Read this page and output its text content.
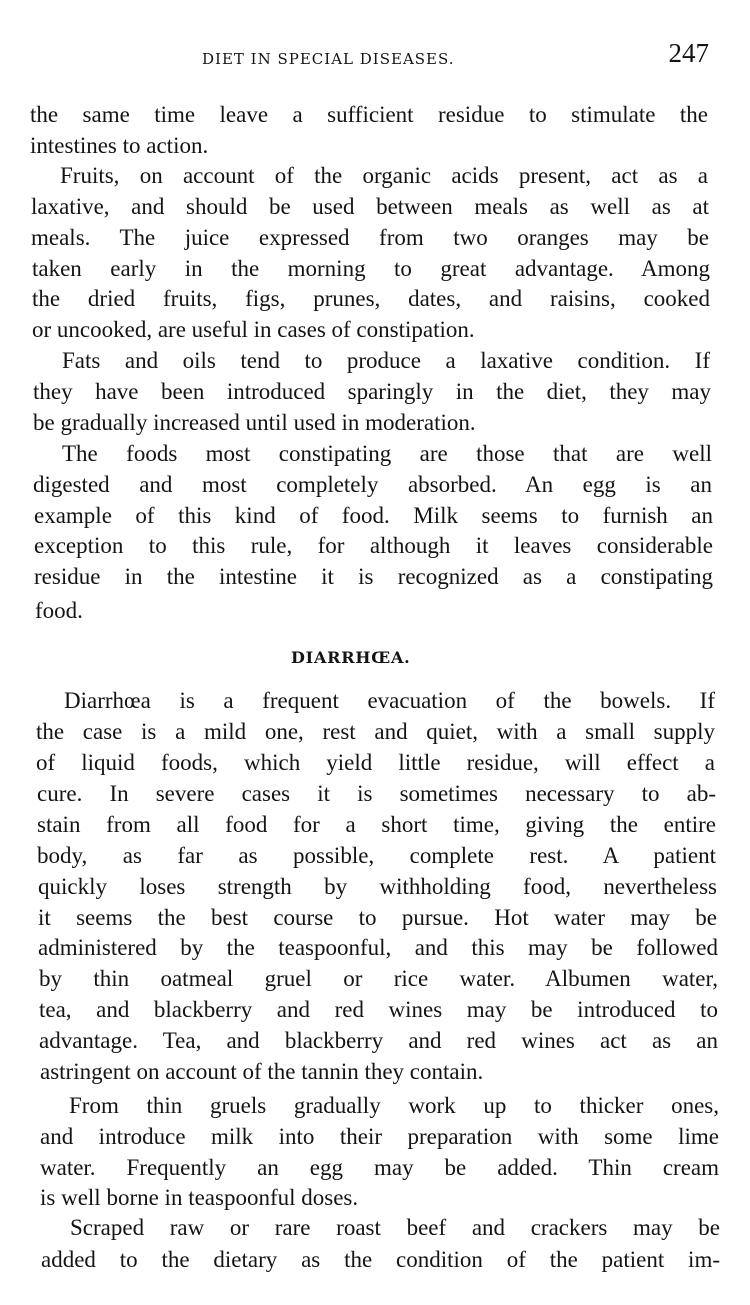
DIET IN SPECIAL DISEASES.	247
the same time leave a sufficient residue to stimulate the
intestines to action.
Fruits, on account of the organic acids present, act as a
laxative, and should be used between meals as well as at
meals. The juice expressed from two oranges may be
taken early in the morning to great advantage. Among
the dried fruits, figs, prunes, dates, and raisins, cooked
or uncooked, are useful in cases of constipation.
Fats and oils tend to produce a laxative condition. If
they have been introduced sparingly in the diet, they may
be gradually increased until used in moderation.
The foods most constipating are those that are well
digested and most completely absorbed. An egg is an
example of this kind of food. Milk seems to furnish an
exception to this rule, for although it leaves considerable
residue in the intestine it is recognized as a constipating
food.
DIARRHŒA.
Diarrhœa is a frequent evacuation of the bowels. If
the case is a mild one, rest and quiet, with a small supply
of liquid foods, which yield little residue, will effect a
cure. In severe cases it is sometimes necessary to ab-
stain from all food for a short time, giving the entire
body, as far as possible, complete rest. A patient
quickly loses strength by withholding food, nevertheless
it seems the best course to pursue. Hot water may be
administered by the teaspoonful, and this may be followed
by thin oatmeal gruel or rice water. Albumen water,
tea, and blackberry and red wines may be introduced to
advantage. Tea, and blackberry and red wines act as an
astringent on account of the tannin they contain.
From thin gruels gradually work up to thicker ones,
and introduce milk into their preparation with some lime
water. Frequently an egg may be added. Thin cream
is well borne in teaspoonful doses.
Scraped raw or rare roast beef and crackers may be
added to the dietary as the condition of the patient im-
